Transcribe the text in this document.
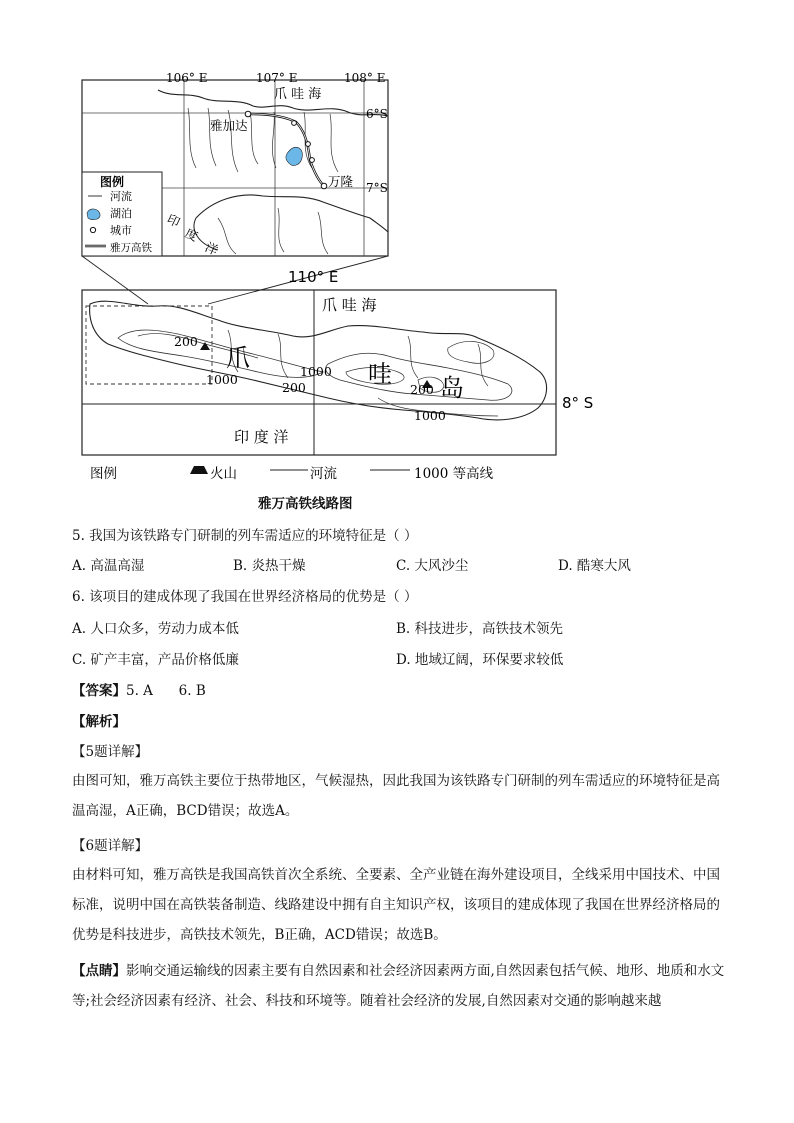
106° E	107° E	108° E
6°S
7°S
爪 哇 海
雅加达
万隆
印
度
洋
图例
河流
湖泊
城市
雅万高铁
110° E
8° S
爪 哇 海
印 度 洋
爪
哇 岛
200
1000
200
1000
200
1000
图例	火山	河流	1000 等高线
雅万高铁线路图
5. 我国为该铁路专门研制的列车需适应的环境特征是（ ）
A. 高温高湿	B. 炎热干燥	C. 大风沙尘	D. 酷寒大风
6. 该项目的建成体现了我国在世界经济格局的优势是（ ）
A. 人口众多，劳动力成本低	B. 科技进步，高铁技术领先
C. 矿产丰富，产品价格低廉	D. 地域辽阔，环保要求较低
【答案】5. A      6. B
【解析】
【5题详解】
由图可知，雅万高铁主要位于热带地区，气候湿热，因此我国为该铁路专门研制的列车需适应的环境特征是高温高湿，A正确，BCD错误；故选A。
【6题详解】
由材料可知，雅万高铁是我国高铁首次全系统、全要素、全产业链在海外建设项目，全线采用中国技术、中国标准，说明中国在高铁装备制造、线路建设中拥有自主知识产权，该项目的建成体现了我国在世界经济格局的优势是科技进步，高铁技术领先，B正确，ACD错误；故选B。
【点睛】影响交通运输线的因素主要有自然因素和社会经济因素两方面,自然因素包括气候、地形、地质和水文等;社会经济因素有经济、社会、科技和环境等。随着社会经济的发展,自然因素对交通的影响越来越
